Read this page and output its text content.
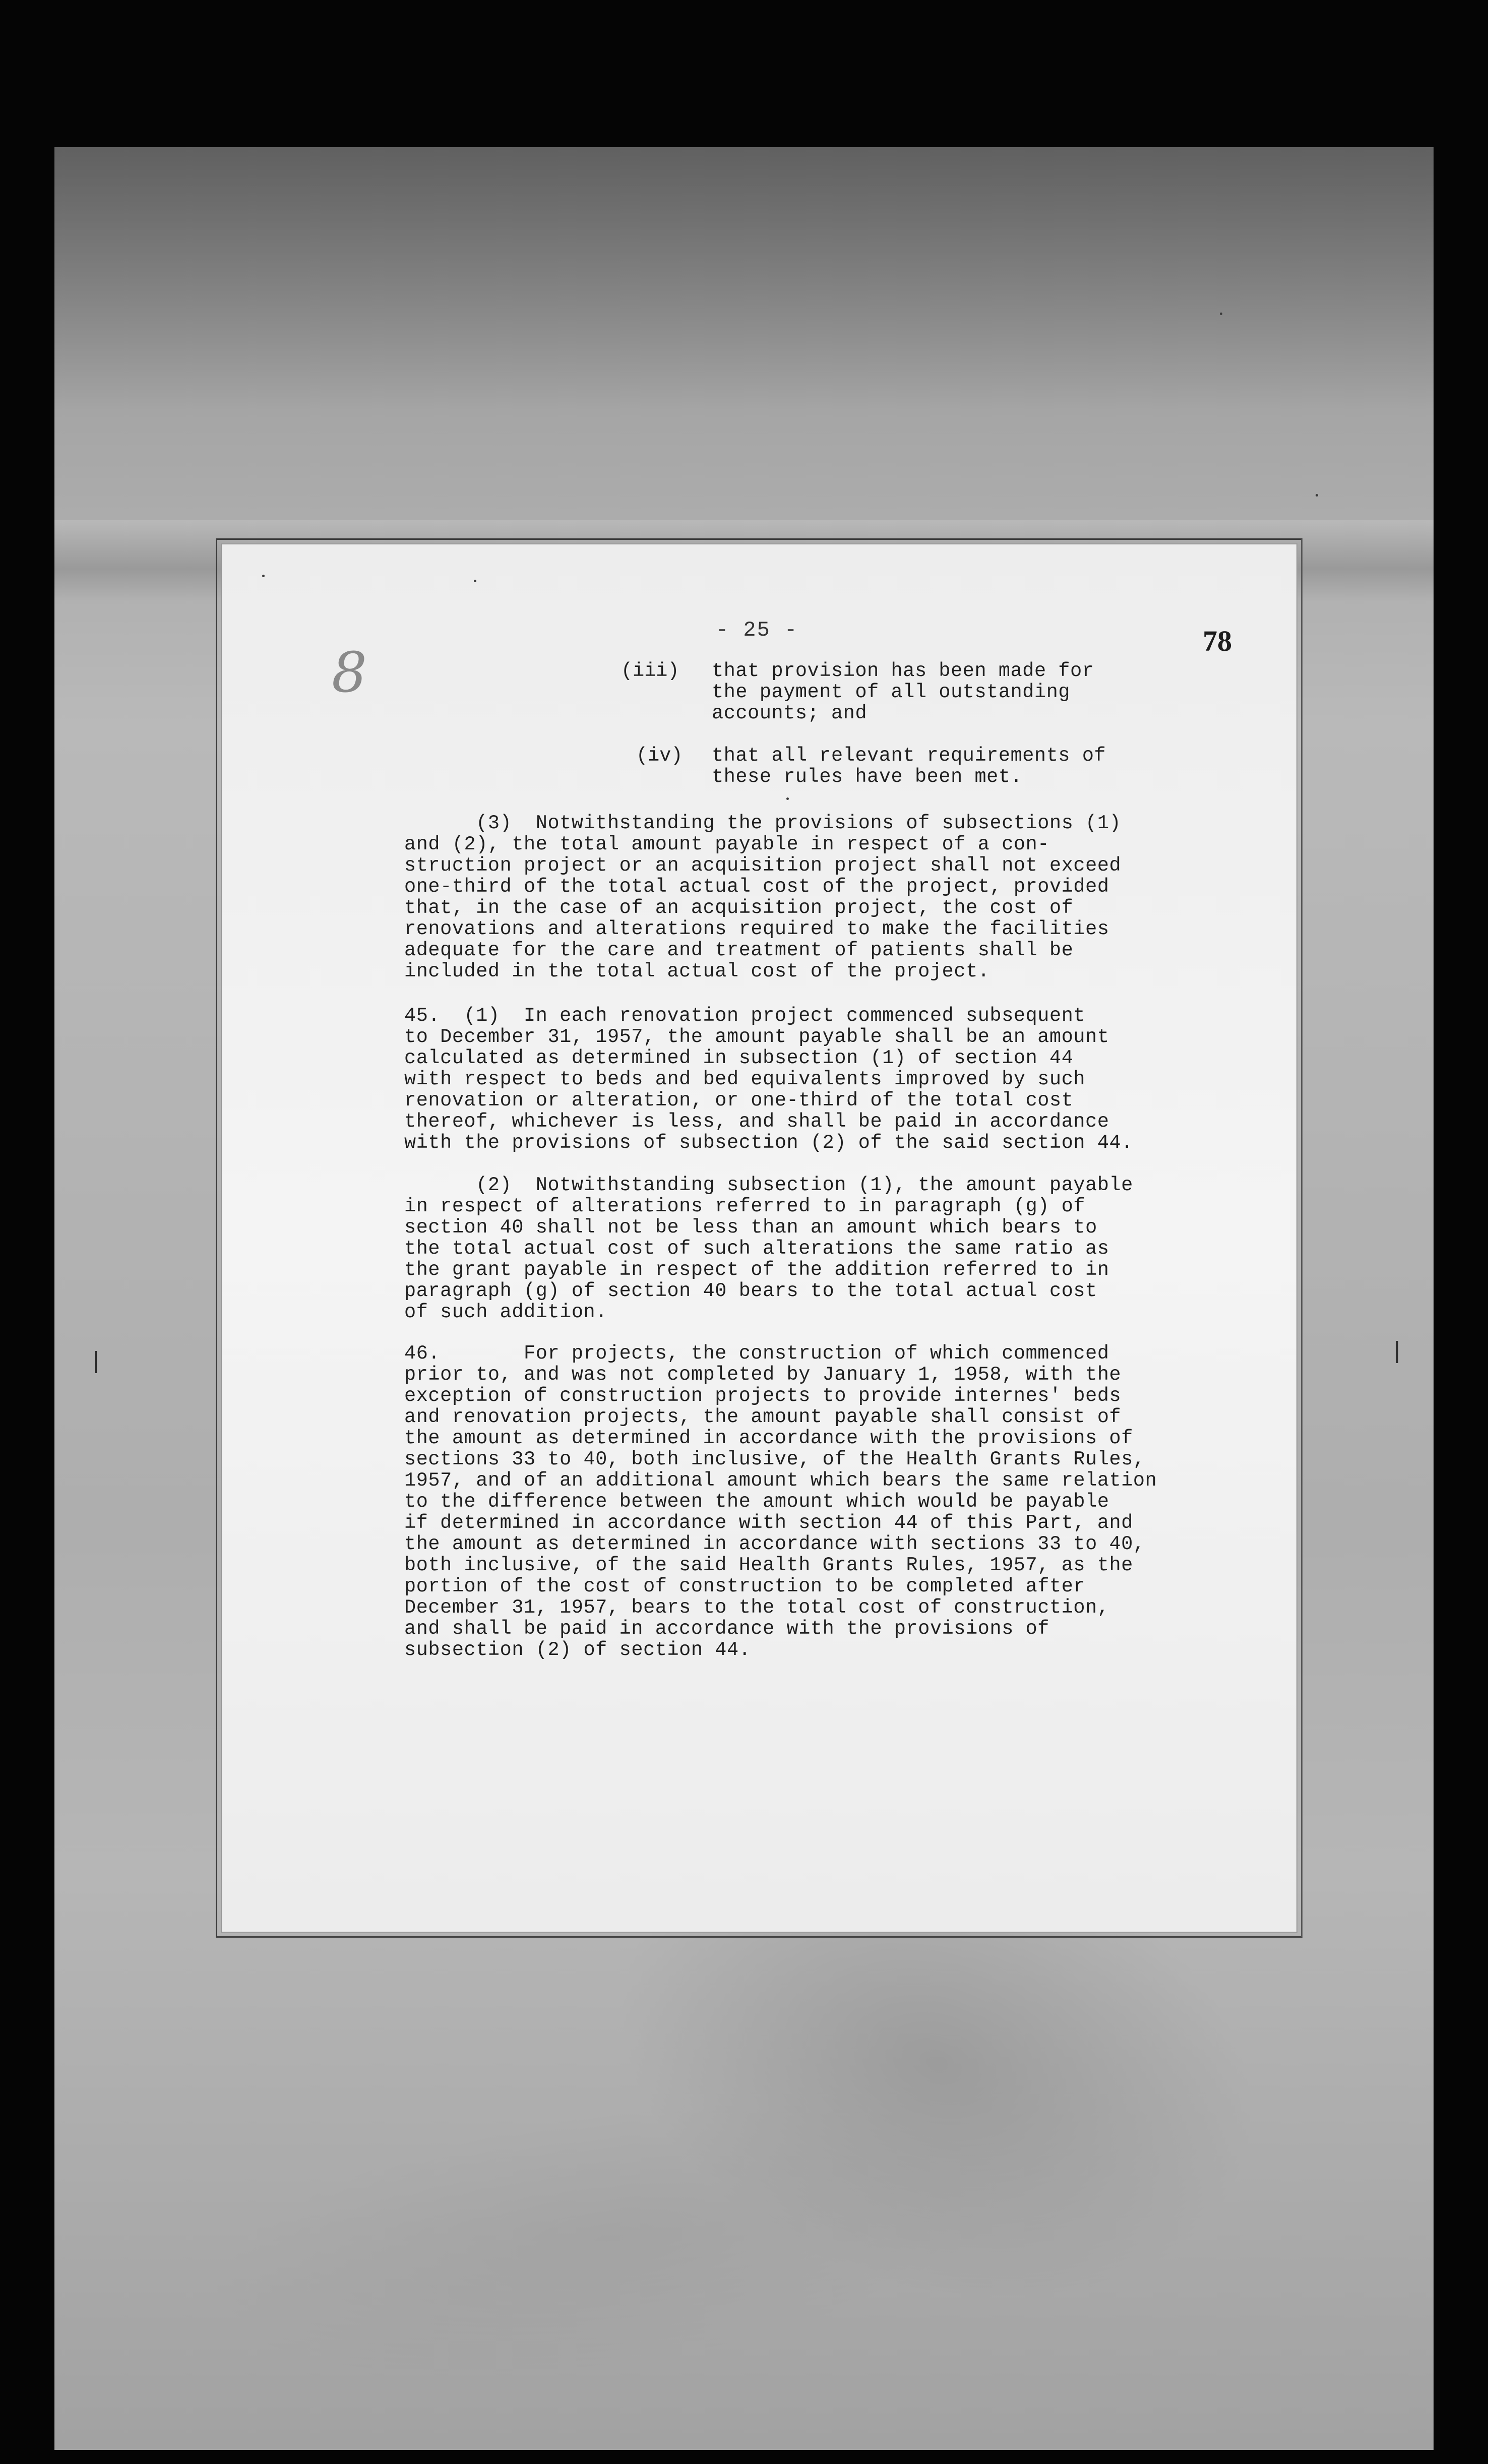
8
- 25 -	78
(iii) that provision has been made for
the payment of all outstanding
accounts; and
(iv) that all relevant requirements of
these rules have been met.
(3)  Notwithstanding the provisions of subsections (1)
and (2), the total amount payable in respect of a con-
struction project or an acquisition project shall not exceed
one-third of the total actual cost of the project, provided
that, in the case of an acquisition project, the cost of
renovations and alterations required to make the facilities
adequate for the care and treatment of patients shall be
included in the total actual cost of the project.
45.  (1)  In each renovation project commenced subsequent
to December 31, 1957, the amount payable shall be an amount
calculated as determined in subsection (1) of section 44
with respect to beds and bed equivalents improved by such
renovation or alteration, or one-third of the total cost
thereof, whichever is less, and shall be paid in accordance
with the provisions of subsection (2) of the said section 44.
(2)  Notwithstanding subsection (1), the amount payable
in respect of alterations referred to in paragraph (g) of
section 40 shall not be less than an amount which bears to
the total actual cost of such alterations the same ratio as
the grant payable in respect of the addition referred to in
paragraph (g) of section 40 bears to the total actual cost
of such addition.
46.       For projects, the construction of which commenced
prior to, and was not completed by January 1, 1958, with the
exception of construction projects to provide internes' beds
and renovation projects, the amount payable shall consist of
the amount as determined in accordance with the provisions of
sections 33 to 40, both inclusive, of the Health Grants Rules,
1957, and of an additional amount which bears the same relation
to the difference between the amount which would be payable
if determined in accordance with section 44 of this Part, and
the amount as determined in accordance with sections 33 to 40,
both inclusive, of the said Health Grants Rules, 1957, as the
portion of the cost of construction to be completed after
December 31, 1957, bears to the total cost of construction,
and shall be paid in accordance with the provisions of
subsection (2) of section 44.
